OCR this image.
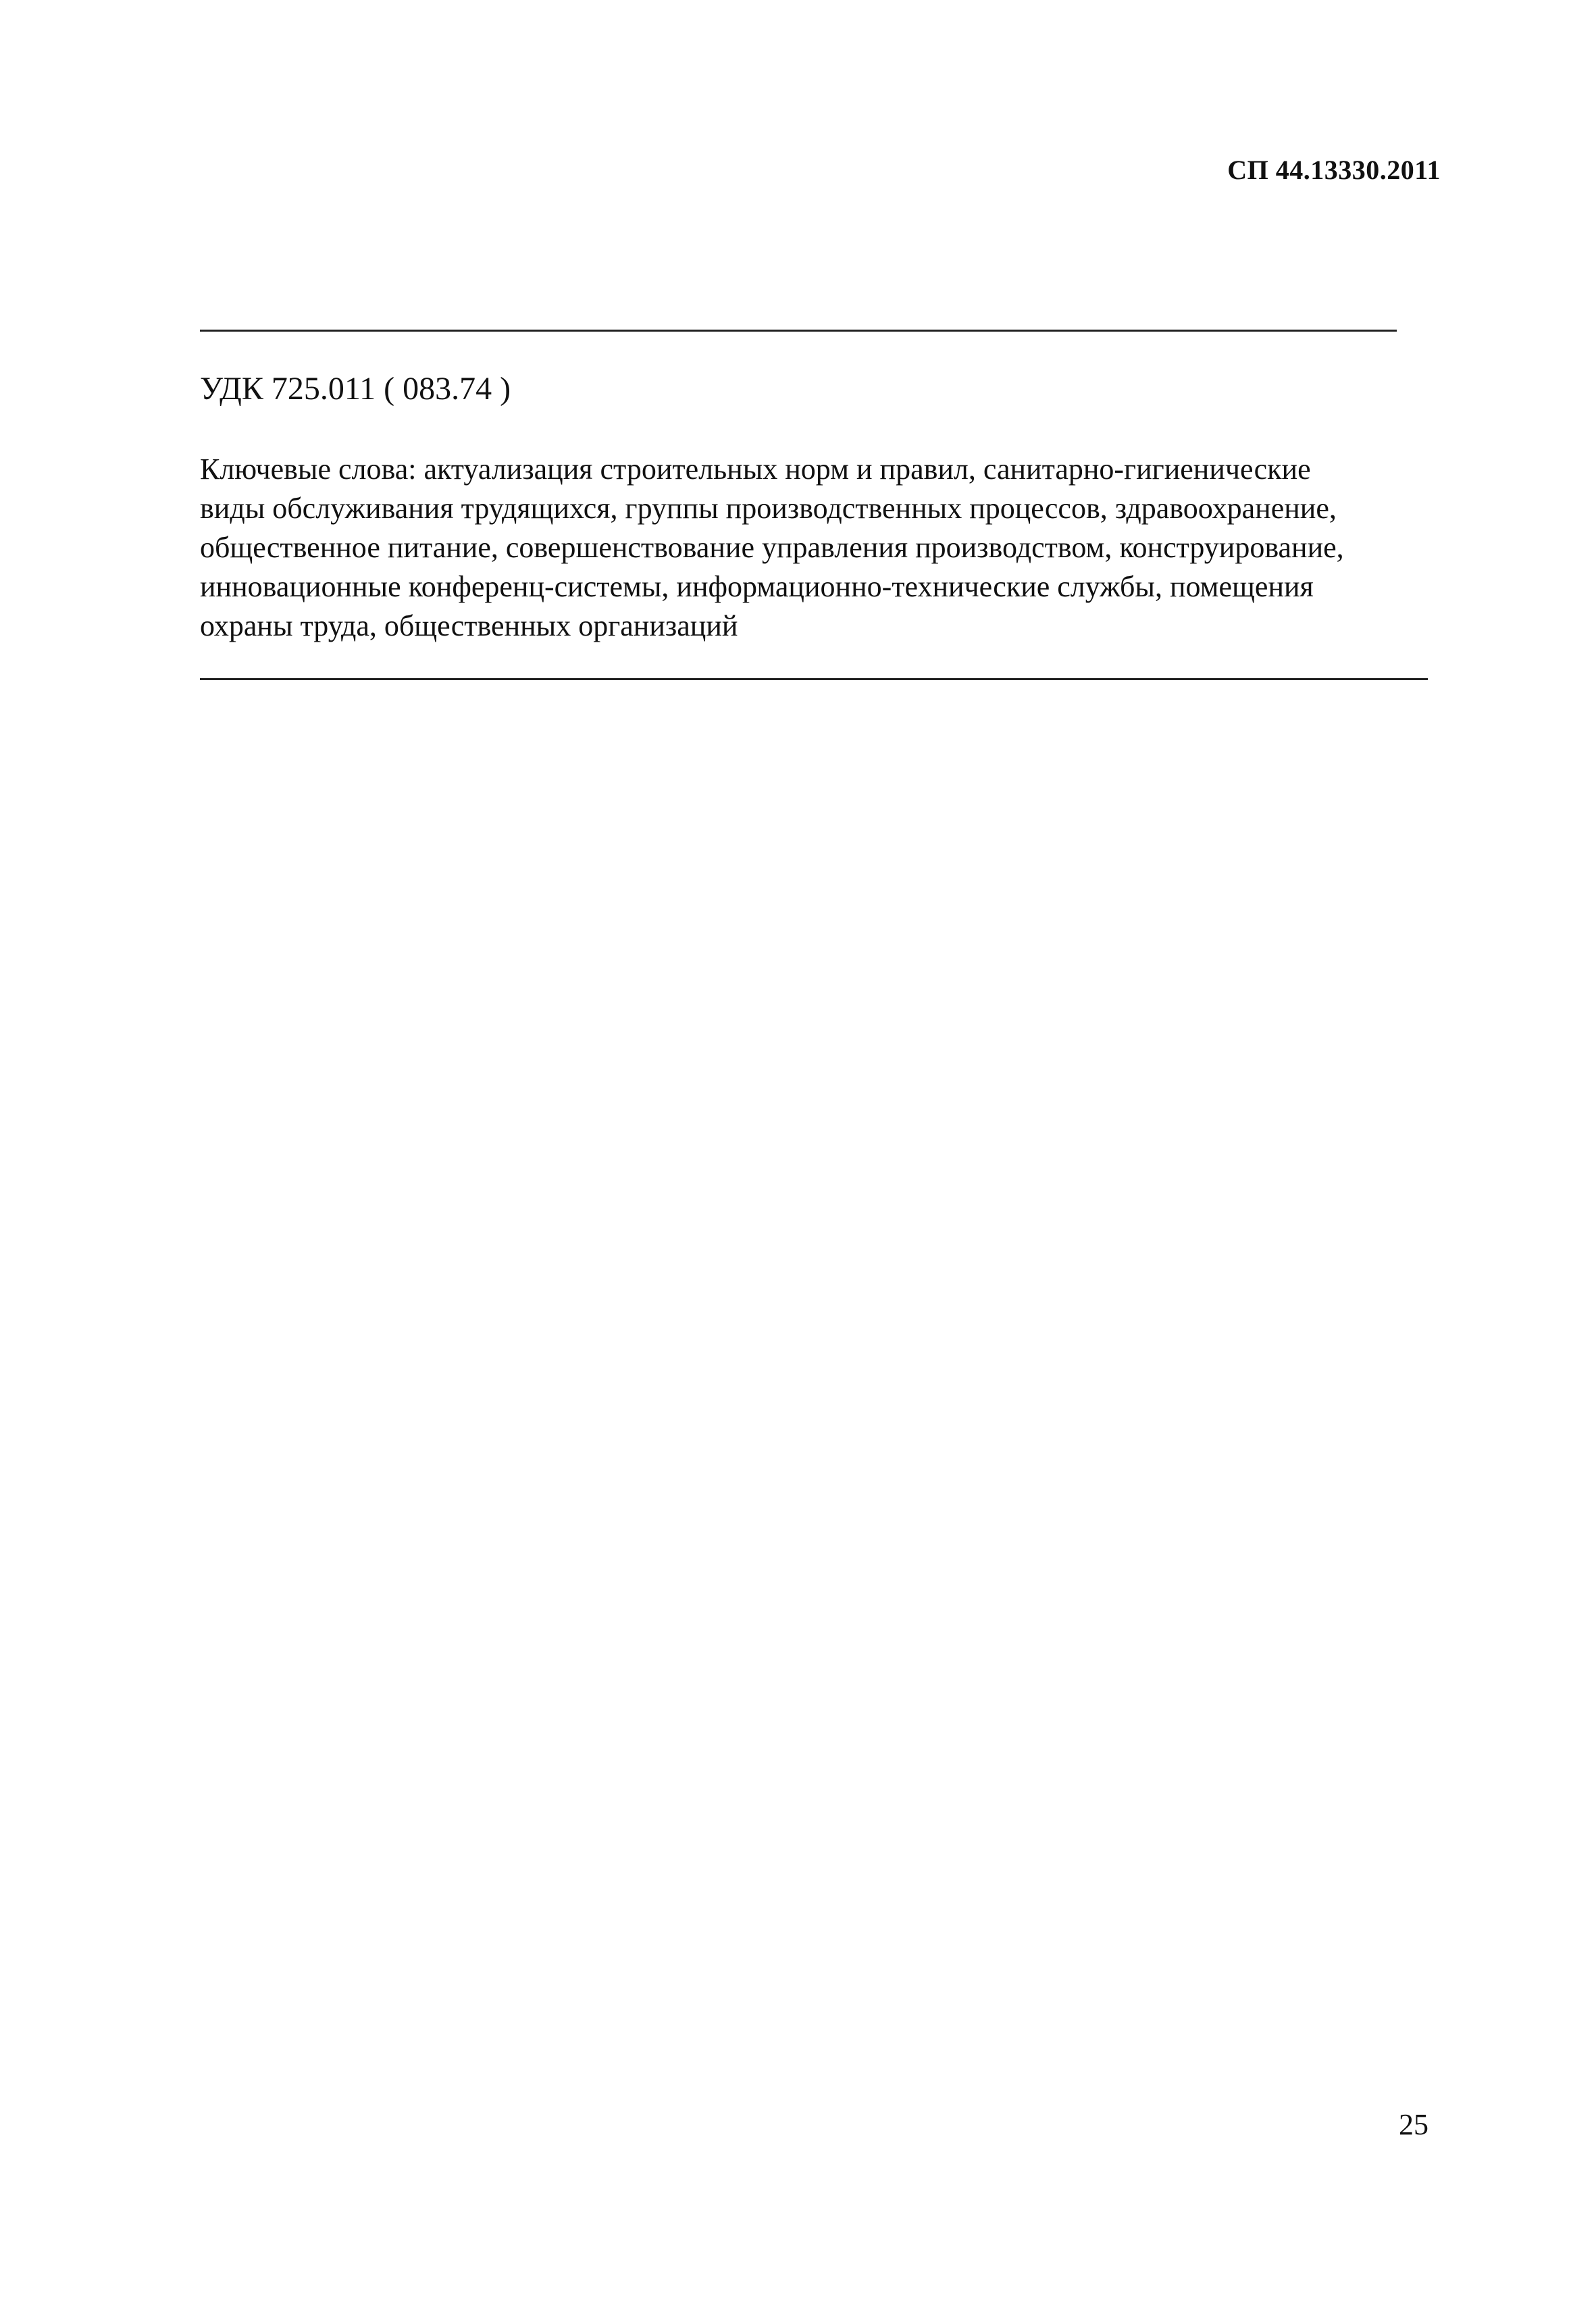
СП 44.13330.2011
УДК 725.011 ( 083.74 )
Ключевые слова: актуализация строительных норм и правил, санитарно-гигиенические
виды обслуживания трудящихся, группы производственных процессов, здравоохранение,
общественное питание, совершенствование управления производством, конструирование,
инновационные конференц-системы, информационно-технические службы, помещения
охраны труда, общественных организаций
25
